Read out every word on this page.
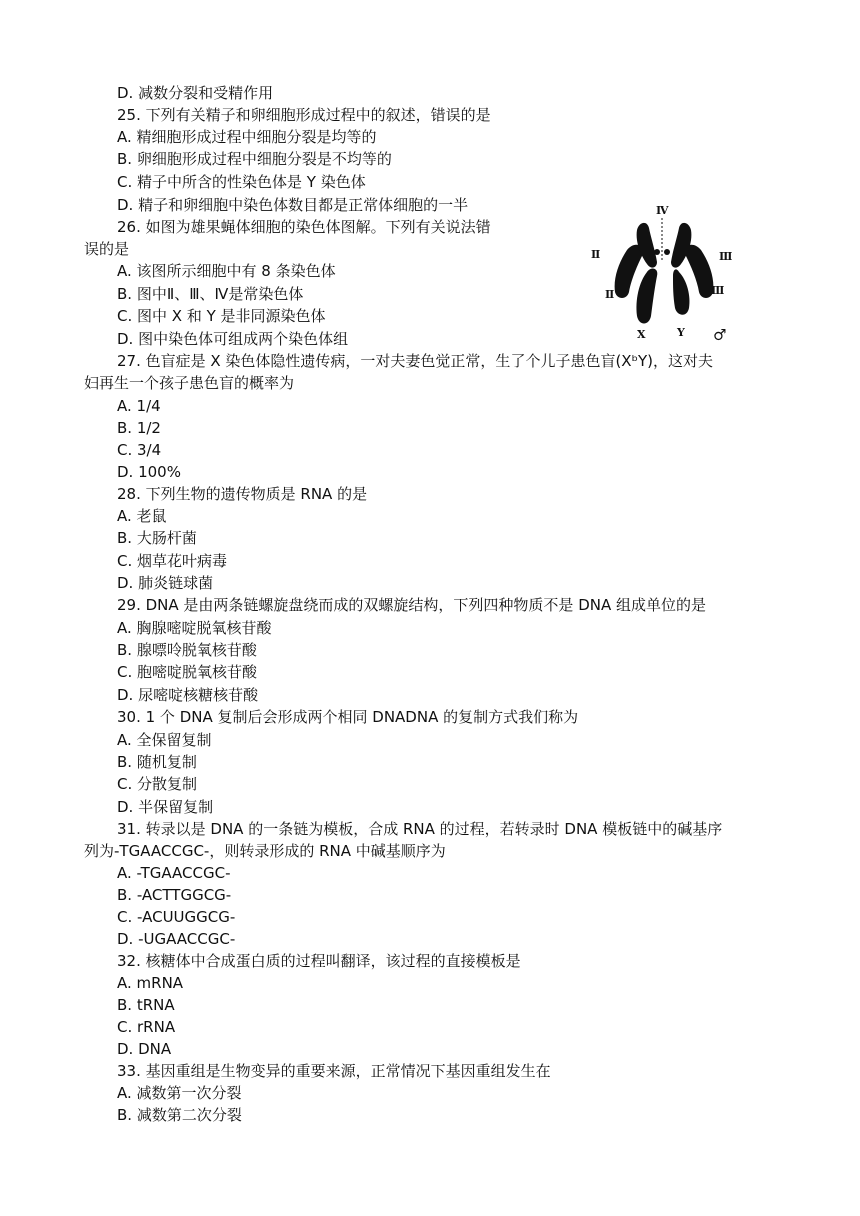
D. 减数分裂和受精作用
25. 下列有关精子和卵细胞形成过程中的叙述，错误的是
A. 精细胞形成过程中细胞分裂是均等的
B. 卵细胞形成过程中细胞分裂是不均等的
C. 精子中所含的性染色体是 Y 染色体
D. 精子和卵细胞中染色体数目都是正常体细胞的一半
26. 如图为雄果蝇体细胞的染色体图解。下列有关说法错
误的是
A. 该图所示细胞中有 8 条染色体
B. 图中Ⅱ、Ⅲ、Ⅳ是常染色体
C. 图中 X 和 Y 是非同源染色体
D. 图中染色体可组成两个染色体组
27. 色盲症是 X 染色体隐性遗传病，一对夫妻色觉正常，生了个儿子患色盲(XᵇY)，这对夫
妇再生一个孩子患色盲的概率为
A. 1/4
B. 1/2
C. 3/4
D. 100%
28. 下列生物的遗传物质是 RNA 的是
A. 老鼠
B. 大肠杆菌
C. 烟草花叶病毒
D. 肺炎链球菌
29. DNA 是由两条链螺旋盘绕而成的双螺旋结构，下列四种物质不是 DNA 组成单位的是
A. 胸腺嘧啶脱氧核苷酸
B. 腺嘌呤脱氧核苷酸
C. 胞嘧啶脱氧核苷酸
D. 尿嘧啶核糖核苷酸
30. 1 个 DNA 复制后会形成两个相同 DNADNA 的复制方式我们称为
A. 全保留复制
B. 随机复制
C. 分散复制
D. 半保留复制
31. 转录以是 DNA 的一条链为模板，合成 RNA 的过程，若转录时 DNA 模板链中的碱基序
列为-TGAACCGC-，则转录形成的 RNA 中碱基顺序为
A. -TGAACCGC-
B. -ACTTGGCG-
C. -ACUUGGCG-
D. -UGAACCGC-
32. 核糖体中合成蛋白质的过程叫翻译，该过程的直接模板是
A. mRNA
B. tRNA
C. rRNA
D. DNA
33. 基因重组是生物变异的重要来源，正常情况下基因重组发生在
A. 减数第一次分裂
B. 减数第二次分裂
Ⅳ
Ⅱ	Ⅲ
Ⅱ	Ⅲ
X	Y ♂
